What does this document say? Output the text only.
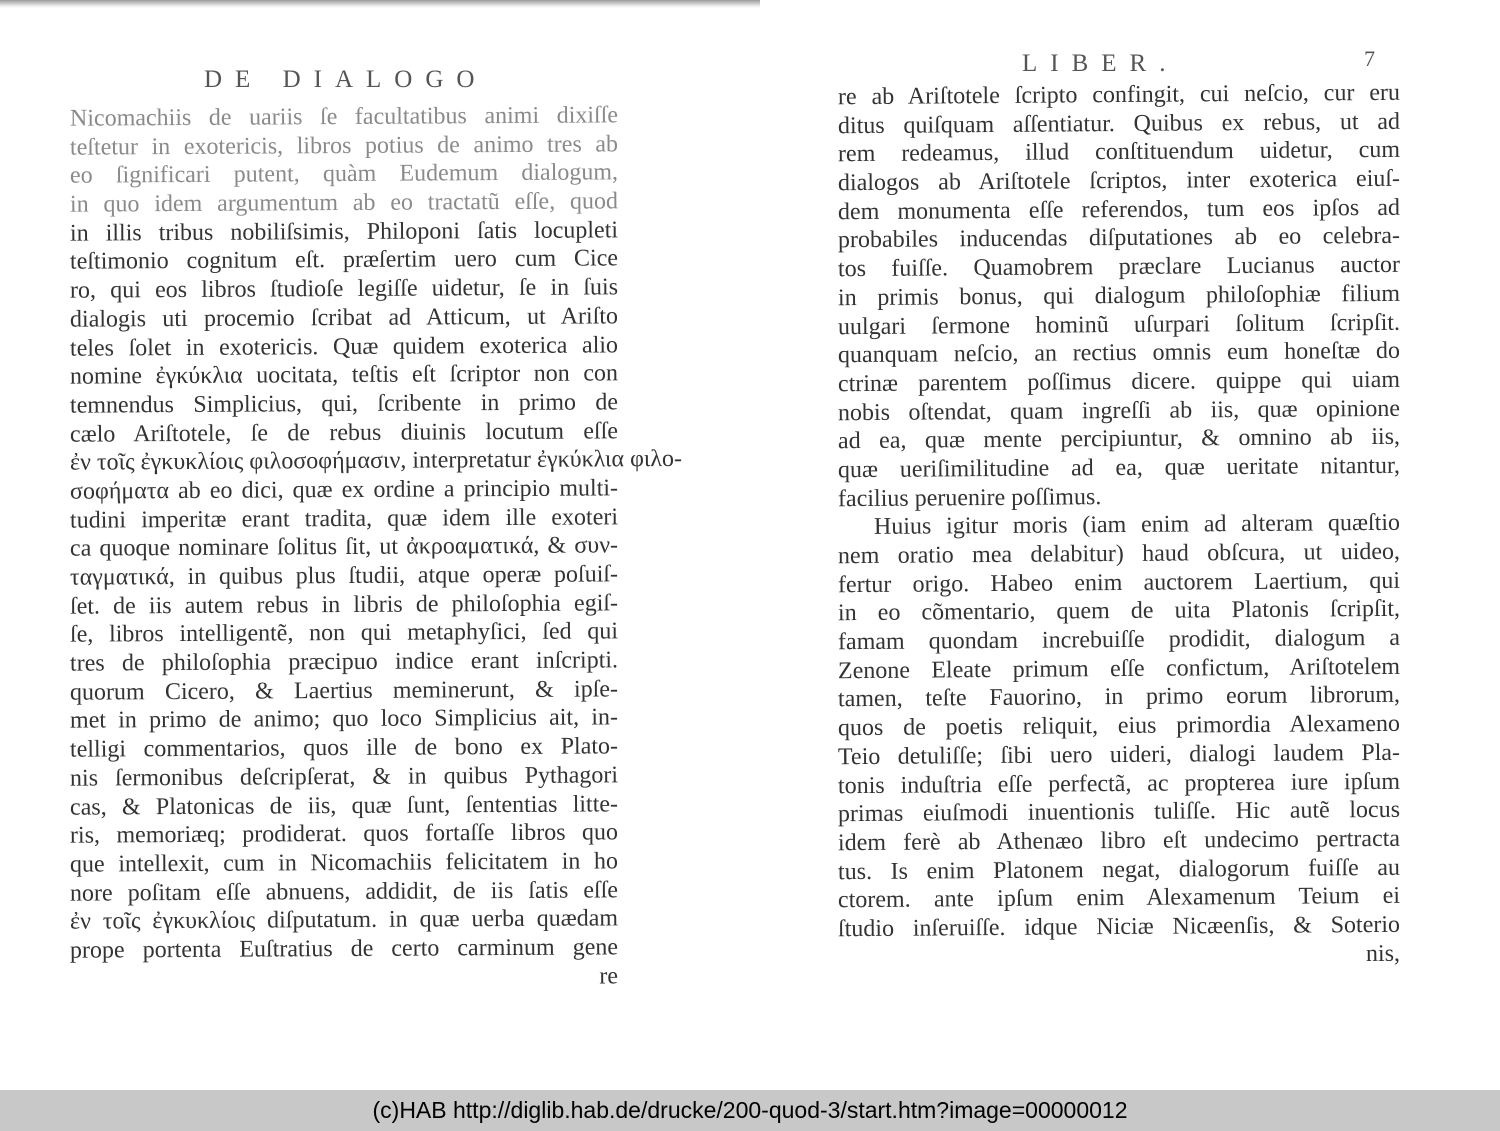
DE DIALOGO
Nicomachiis de uariis ſe facultatibus animi dixiſſe
teſtetur in exotericis, libros potius de animo tres ab
eo ſignificari putent, quàm Eudemum dialogum,
in quo idem argumentum ab eo tractatũ eſſe, quod
in illis tribus nobiliſsimis, Philoponi ſatis locupleti
teſtimonio cognitum eſt. præſertim uero cum Cice
ro, qui eos libros ſtudioſe legiſſe uidetur, ſe in ſuis
dialogis uti procemio ſcribat ad Atticum, ut Ariſto
teles ſolet in exotericis. Quæ quidem exoterica alio
nomine ἐγκύκλια uocitata, teſtis eſt ſcriptor non con
temnendus Simplicius, qui, ſcribente in primo de
cælo Ariſtotele, ſe de rebus diuinis locutum eſſe
ἐν τοῖς ἐγκυκλίοις φιλοσοφήμασιν, interpretatur ἐγκύκλια φιλο-
σοφήματα ab eo dici, quæ ex ordine a principio multi-
tudini imperitæ erant tradita, quæ idem ille exoteri
ca quoque nominare ſolitus ſit, ut ἀκροαματικά, & συν-
ταγματικά, in quibus plus ſtudii, atque operæ poſuiſ-
ſet. de iis autem rebus in libris de philoſophia egiſ-
ſe, libros intelligentẽ, non qui metaphyſici, ſed qui
tres de philoſophia præcipuo indice erant inſcripti.
quorum Cicero, & Laertius meminerunt, & ipſe-
met in primo de animo; quo loco Simplicius ait, in-
telligi commentarios, quos ille de bono ex Plato-
nis ſermonibus deſcripſerat, & in quibus Pythagori
cas, & Platonicas de iis, quæ ſunt, ſententias litte-
ris, memoriæq; prodiderat. quos fortaſſe libros quo
que intellexit, cum in Nicomachiis felicitatem in ho
nore poſitam eſſe abnuens, addidit, de iis ſatis eſſe
ἐν τοῖς ἐγκυκλίοις diſputatum. in quæ uerba quædam
prope portenta Euſtratius de certo carminum gene
re
LIBER.	7
re ab Ariſtotele ſcripto confingit, cui neſcio, cur eru
ditus quiſquam aſſentiatur. Quibus ex rebus, ut ad
rem redeamus, illud conſtituendum uidetur, cum
dialogos ab Ariſtotele ſcriptos, inter exoterica eiuſ-
dem monumenta eſſe referendos, tum eos ipſos ad
probabiles inducendas diſputationes ab eo celebra-
tos fuiſſe. Quamobrem præclare Lucianus auctor
in primis bonus, qui dialogum philoſophiæ filium
uulgari ſermone hominũ uſurpari ſolitum ſcripſit.
quanquam neſcio, an rectius omnis eum honeſtæ do
ctrinæ parentem poſſimus dicere. quippe qui uiam
nobis oſtendat, quam ingreſſi ab iis, quæ opinione
ad ea, quæ mente percipiuntur, & omnino ab iis,
quæ ueriſimilitudine ad ea, quæ ueritate nitantur,
facilius peruenire poſſimus.
Huius igitur moris (iam enim ad alteram quæſtio
nem oratio mea delabitur) haud obſcura, ut uideo,
fertur origo. Habeo enim auctorem Laertium, qui
in eo cõmentario, quem de uita Platonis ſcripſit,
famam quondam increbuiſſe prodidit, dialogum a
Zenone Eleate primum eſſe confictum, Ariſtotelem
tamen, teſte Fauorino, in primo eorum librorum,
quos de poetis reliquit, eius primordia Alexameno
Teio detuliſſe; ſibi uero uideri, dialogi laudem Pla-
tonis induſtria eſſe perfectã, ac propterea iure ipſum
primas eiuſmodi inuentionis tuliſſe. Hic autẽ locus
idem ferè ab Athenæo libro eſt undecimo pertracta
tus. Is enim Platonem negat, dialogorum fuiſſe au
ctorem. ante ipſum enim Alexamenum Teium ei
ſtudio inſeruiſſe. idque Niciæ Nicæenſis, & Soterio
nis,
(c)HAB http://diglib.hab.de/drucke/200-quod-3/start.htm?image=00000012
